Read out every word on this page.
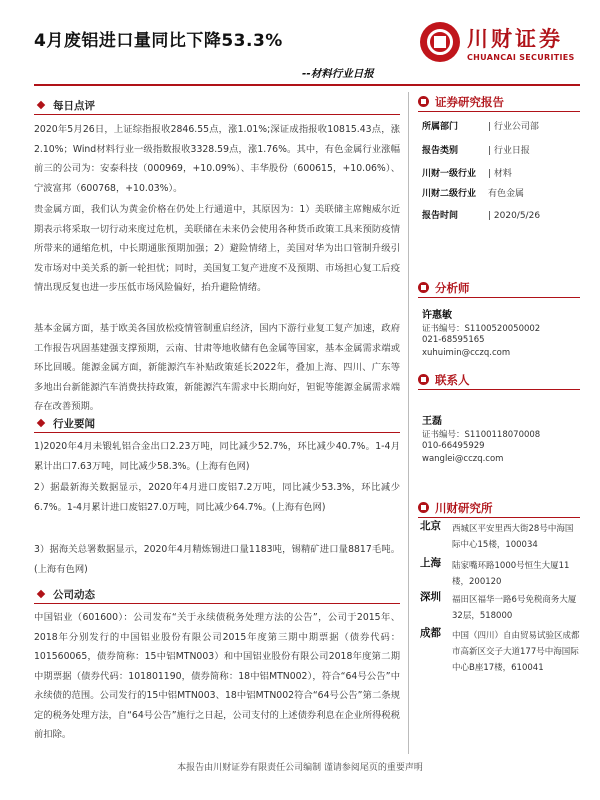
4月废铝进口量同比下降53.3%
--材料行业日报
川财证券
CHUANCAI SECURITIES
每日点评
2020年5月26日，上证综指报收2846.55点，涨1.01%;深证成指报收10815.43点，涨2.10%；Wind材料行业一级指数报收3328.59点，涨1.76%。其中，有色金属行业涨幅前三的公司为：安泰科技（000969，+10.09%）、丰华股份（600615，+10.06%）、宁波富邦（600768，+10.03%）。
贵金属方面，我们认为黄金价格在仍处上行通道中，其原因为：1）美联储主席鲍威尔近期表示将采取一切行动来度过危机，美联储在未来仍会使用各种货币政策工具来预防疫情所带来的通缩危机，中长期通胀预期加强；2）避险情绪上，美国对华为出口管制升级引发市场对中美关系的新一轮担忧；同时，美国复工复产进度不及预期、市场担心复工后疫情出现反复也进一步压低市场风险偏好，抬升避险情绪。
基本金属方面，基于欧美各国放松疫情管制重启经济，国内下游行业复工复产加速，政府工作报告巩固基建强支撑预期，云南、甘肃等地收储有色金属等国家，基本金属需求端或环比回暖。能源金属方面，新能源汽车补贴政策延长2022年，叠加上海、四川、广东等多地出台新能源汽车消费扶持政策，新能源汽车需求中长期向好，钽铌等能源金属需求端存在改善预期。
行业要闻
1)2020年4月未锻轧铝合金出口2.23万吨，同比减少52.7%，环比减少40.7%。1-4月累计出口7.63万吨，同比减少58.3%。(上海有色网)
2）据最新海关数据显示，2020年4月进口废铝7.2万吨，同比减少53.3%，环比减少6.7%。1-4月累计进口废铝27.0万吨，同比减少64.7%。(上海有色网)
3）据海关总署数据显示，2020年4月精炼锡进口量1183吨，锡精矿进口量8817毛吨。(上海有色网)
公司动态
中国铝业（601600）：公司发布“关于永续债税务处理方法的公告”，公司于2015年、2018年分别发行的中国铝业股份有限公司2015年度第三期中期票据（债券代码：101560065，债券简称：15中铝MTN003）和中国铝业股份有限公司2018年度第二期中期票据（债券代码：101801190，债券简称：18中铝MTN002），符合“64号公告”中永续债的范围。公司发行的15中铝MTN003、18中铝MTN002符合“64号公告”第二条规定的税务处理方法，自“64号公告”施行之日起，公司支付的上述债券利息在企业所得税税前扣除。
证券研究报告
所属部门	| 行业公司部
报告类别	| 行业日报
川财一级行业 | 材料
川财二级行业 有色金属
报告时间	| 2020/5/26
分析师
许惠敏
证书编号：S1100520050002
021-68595165
xuhuimin@cczq.com
联系人
王磊
证书编号：S1100118070008
010-66495929
wanglei@cczq.com
川财研究所
北京 西城区平安里西大街28号中海国际中心15楼，100034
上海 陆家嘴环路1000号恒生大厦11楼，200120
深圳 福田区福华一路6号免税商务大厦32层，518000
成都 中国（四川）自由贸易试验区成都市高新区交子大道177号中海国际中心B座17楼，610041
本报告由川财证券有限责任公司编制 谨请参阅尾页的重要声明
